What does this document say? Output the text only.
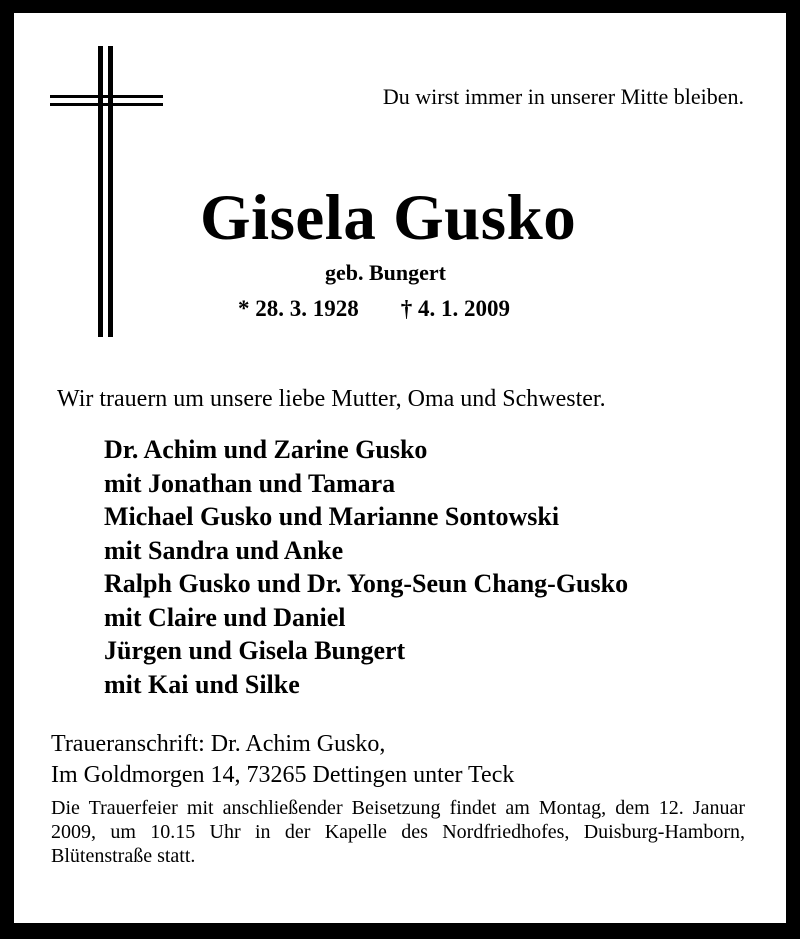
Du wirst immer in unserer Mitte bleiben.
Gisela Gusko
geb. Bungert
* 28. 3. 1928 † 4. 1. 2009
Wir trauern um unsere liebe Mutter, Oma und Schwester.
Dr. Achim und Zarine Gusko
mit Jonathan und Tamara
Michael Gusko und Marianne Sontowski
mit Sandra und Anke
Ralph Gusko und Dr. Yong-Seun Chang-Gusko
mit Claire und Daniel
Jürgen und Gisela Bungert
mit Kai und Silke
Traueranschrift: Dr. Achim Gusko,
Im Goldmorgen 14, 73265 Dettingen unter Teck
Die Trauerfeier mit anschließender Beisetzung findet am Montag, dem 12. Januar 2009, um 10.15 Uhr in der Kapelle des Nordfriedhofes, Duisburg-Hamborn, Blütenstraße statt.
